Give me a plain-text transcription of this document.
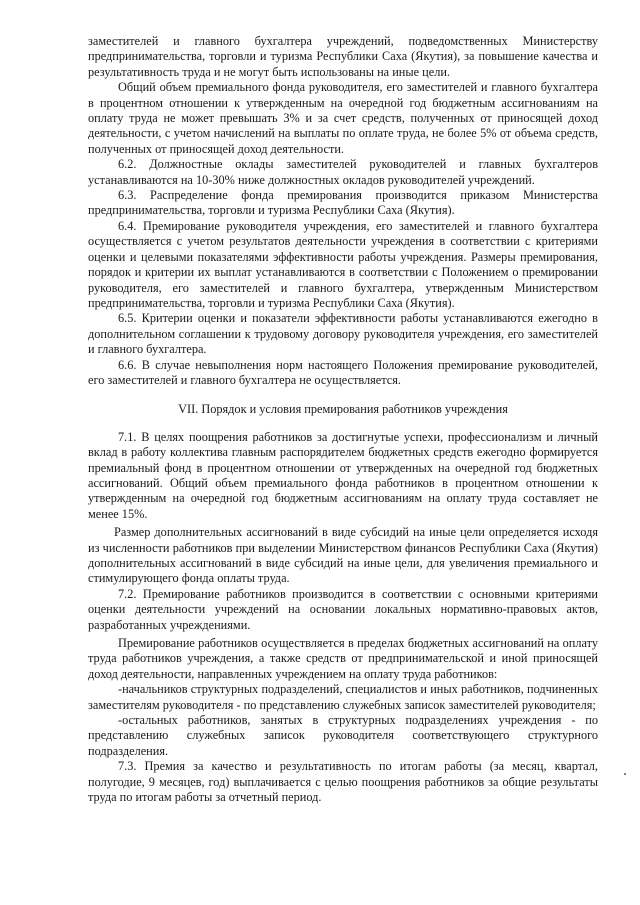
заместителей и главного бухгалтера учреждений, подведомственных Министерству предпринимательства, торговли и туризма Республики Саха (Якутия), за повышение качества и результативность труда и не могут быть использованы на иные цели.

Общий объем премиального фонда руководителя, его заместителей и главного бухгалтера в процентном отношении к утвержденным на очередной год бюджетным ассигнованиям на оплату труда не может превышать 3% и за счет средств, полученных от приносящей доход деятельности, с учетом начислений на выплаты по оплате труда, не более 5% от объема средств, полученных от приносящей доход деятельности.

6.2. Должностные оклады заместителей руководителей и главных бухгалтеров устанавливаются на 10-30% ниже должностных окладов руководителей учреждений.

6.3. Распределение фонда премирования производится приказом Министерства предпринимательства, торговли и туризма Республики Саха (Якутия).

6.4. Премирование руководителя учреждения, его заместителей и главного бухгалтера осуществляется с учетом результатов деятельности учреждения в соответствии с критериями оценки и целевыми показателями эффективности работы учреждения. Размеры премирования, порядок и критерии их выплат устанавливаются в соответствии с Положением о премировании руководителя, его заместителей и главного бухгалтера, утвержденным Министерством предпринимательства, торговли и туризма Республики Саха (Якутия).

6.5. Критерии оценки и показатели эффективности работы устанавливаются ежегодно в дополнительном соглашении к трудовому договору руководителя учреждения, его заместителей и главного бухгалтера.

6.6. В случае невыполнения норм настоящего Положения премирование руководителей, его заместителей и главного бухгалтера не осуществляется.

VII. Порядок и условия премирования работников учреждения

7.1. В целях поощрения работников за достигнутые успехи, профессионализм и личный вклад в работу коллектива главным распорядителем бюджетных средств ежегодно формируется премиальный фонд в процентном отношении от утвержденных на очередной год бюджетных ассигнований. Общий объем премиального фонда работников в процентном отношении к утвержденным на очередной год бюджетным ассигнованиям на оплату труда составляет не менее 15%.

Размер дополнительных ассигнований в виде субсидий на иные цели определяется исходя из численности работников при выделении Министерством финансов Республики Саха (Якутия) дополнительных ассигнований в виде субсидий на иные цели, для увеличения премиального и стимулирующего фонда оплаты труда.

7.2. Премирование работников производится в соответствии с основными критериями оценки деятельности учреждений на основании локальных нормативно-правовых актов, разработанных учреждениями.

Премирование работников осуществляется в пределах бюджетных ассигнований на оплату труда работников учреждения, а также средств от предпринимательской и иной приносящей доход деятельности, направленных учреждением на оплату труда работников:

-начальников структурных подразделений, специалистов и иных работников, подчиненных заместителям руководителя - по представлению служебных записок заместителей руководителя;

-остальных работников, занятых в структурных подразделениях учреждения - по представлению служебных записок руководителя соответствующего структурного подразделения.

7.3. Премия за качество и результативность по итогам работы (за месяц, квартал, полугодие, 9 месяцев, год) выплачивается с целью поощрения работников за общие результаты труда по итогам работы за отчетный период.
